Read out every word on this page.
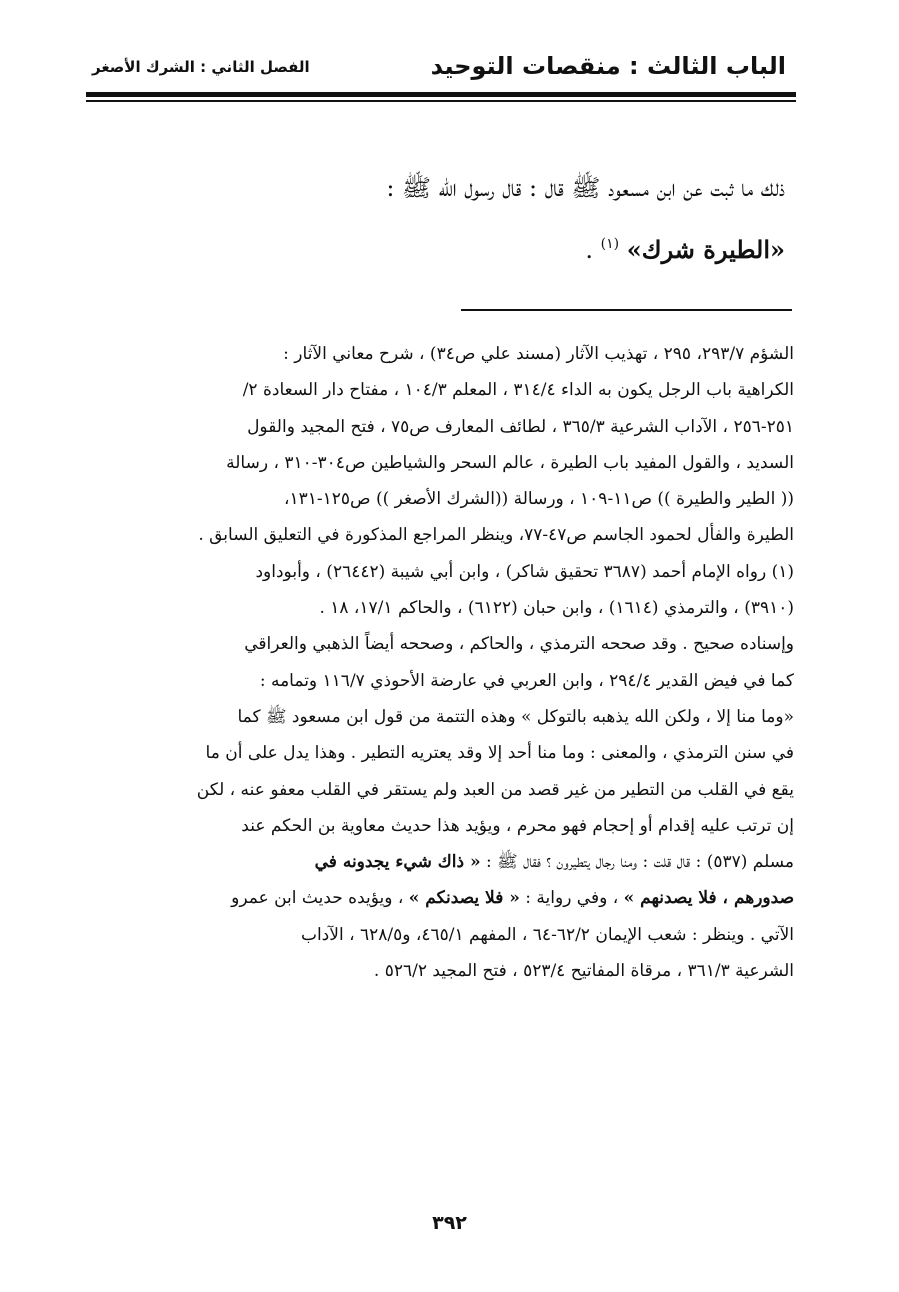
الباب الثالث : منقصات التوحيد
الفصل الثاني : الشرك الأصغر
ذلك ما ثبت عن ابن مسعود ﷺ قال : قال رسول الله ﷺ :
«الطيرة شرك» $^{(١)}$ .
الشؤم ٢٩٣/٧، ٢٩٥ ، تهذيب الآثار (مسند علي ص٣٤) ، شرح معاني الآثار :
الكراهية باب الرجل يكون به الداء ٣١٤/٤ ، المعلم ١٠٤/٣ ، مفتاح دار السعادة ٢/
٢٥١-٢٥٦ ، الآداب الشرعية ٣٦٥/٣ ، لطائف المعارف ص٧٥ ، فتح المجيد والقول
السديد ، والقول المفيد باب الطيرة ، عالم السحر والشياطين ص٣٠٤-٣١٠ ، رسالة
(( الطير والطيرة )) ص١١-١٠٩ ، ورسالة ((الشرك الأصغر )) ص١٢٥-١٣١،
الطيرة والفأل لحمود الجاسم ص٤٧-٧٧، وينظر المراجع المذكورة في التعليق السابق .
(١) رواه الإمام أحمد (٣٦٨٧ تحقيق شاكر) ، وابن أبي شيبة (٢٦٤٤٢) ، وأبوداود
(٣٩١٠) ، والترمذي (١٦١٤) ، وابن حبان (٦١٢٢) ، والحاكم ١٧/١، ١٨ .
وإسناده صحيح . وقد صححه الترمذي ، والحاكم ، وصححه أيضاً الذهبي والعراقي
كما في فيض القدير ٢٩٤/٤ ، وابن العربي في عارضة الأحوذي ١١٦/٧ وتمامه :
«وما منا إلا ، ولكن الله يذهبه بالتوكل » وهذه التتمة من قول ابن مسعود ﷺ كما
في سنن الترمذي ، والمعنى : وما منا أحد إلا وقد يعتريه التطير . وهذا يدل على أن ما
يقع في القلب من التطير من غير قصد من العبد ولم يستقر في القلب معفو عنه ، لكن
إن ترتب عليه إقدام أو إحجام فهو محرم ، ويؤيد هذا حديث معاوية بن الحكم عند
مسلم (٥٣٧) : قال قلت : ومنا رجال يتطيرون ؟ فقال ﷺ : « ذاك شيء يجدونه في
صدورهم ، فلا يصدنهم » ، وفي رواية : « فلا يصدنكم » ، ويؤيده حديث ابن عمرو
الآتي . وينظر : شعب الإيمان ٦٢/٢-٦٤ ، المفهم ٤٦٥/١، و٦٢٨/٥ ، الآداب
الشرعية ٣٦١/٣ ، مرقاة المفاتيح ٥٢٣/٤ ، فتح المجيد ٥٢٦/٢ .
٣٩٢
